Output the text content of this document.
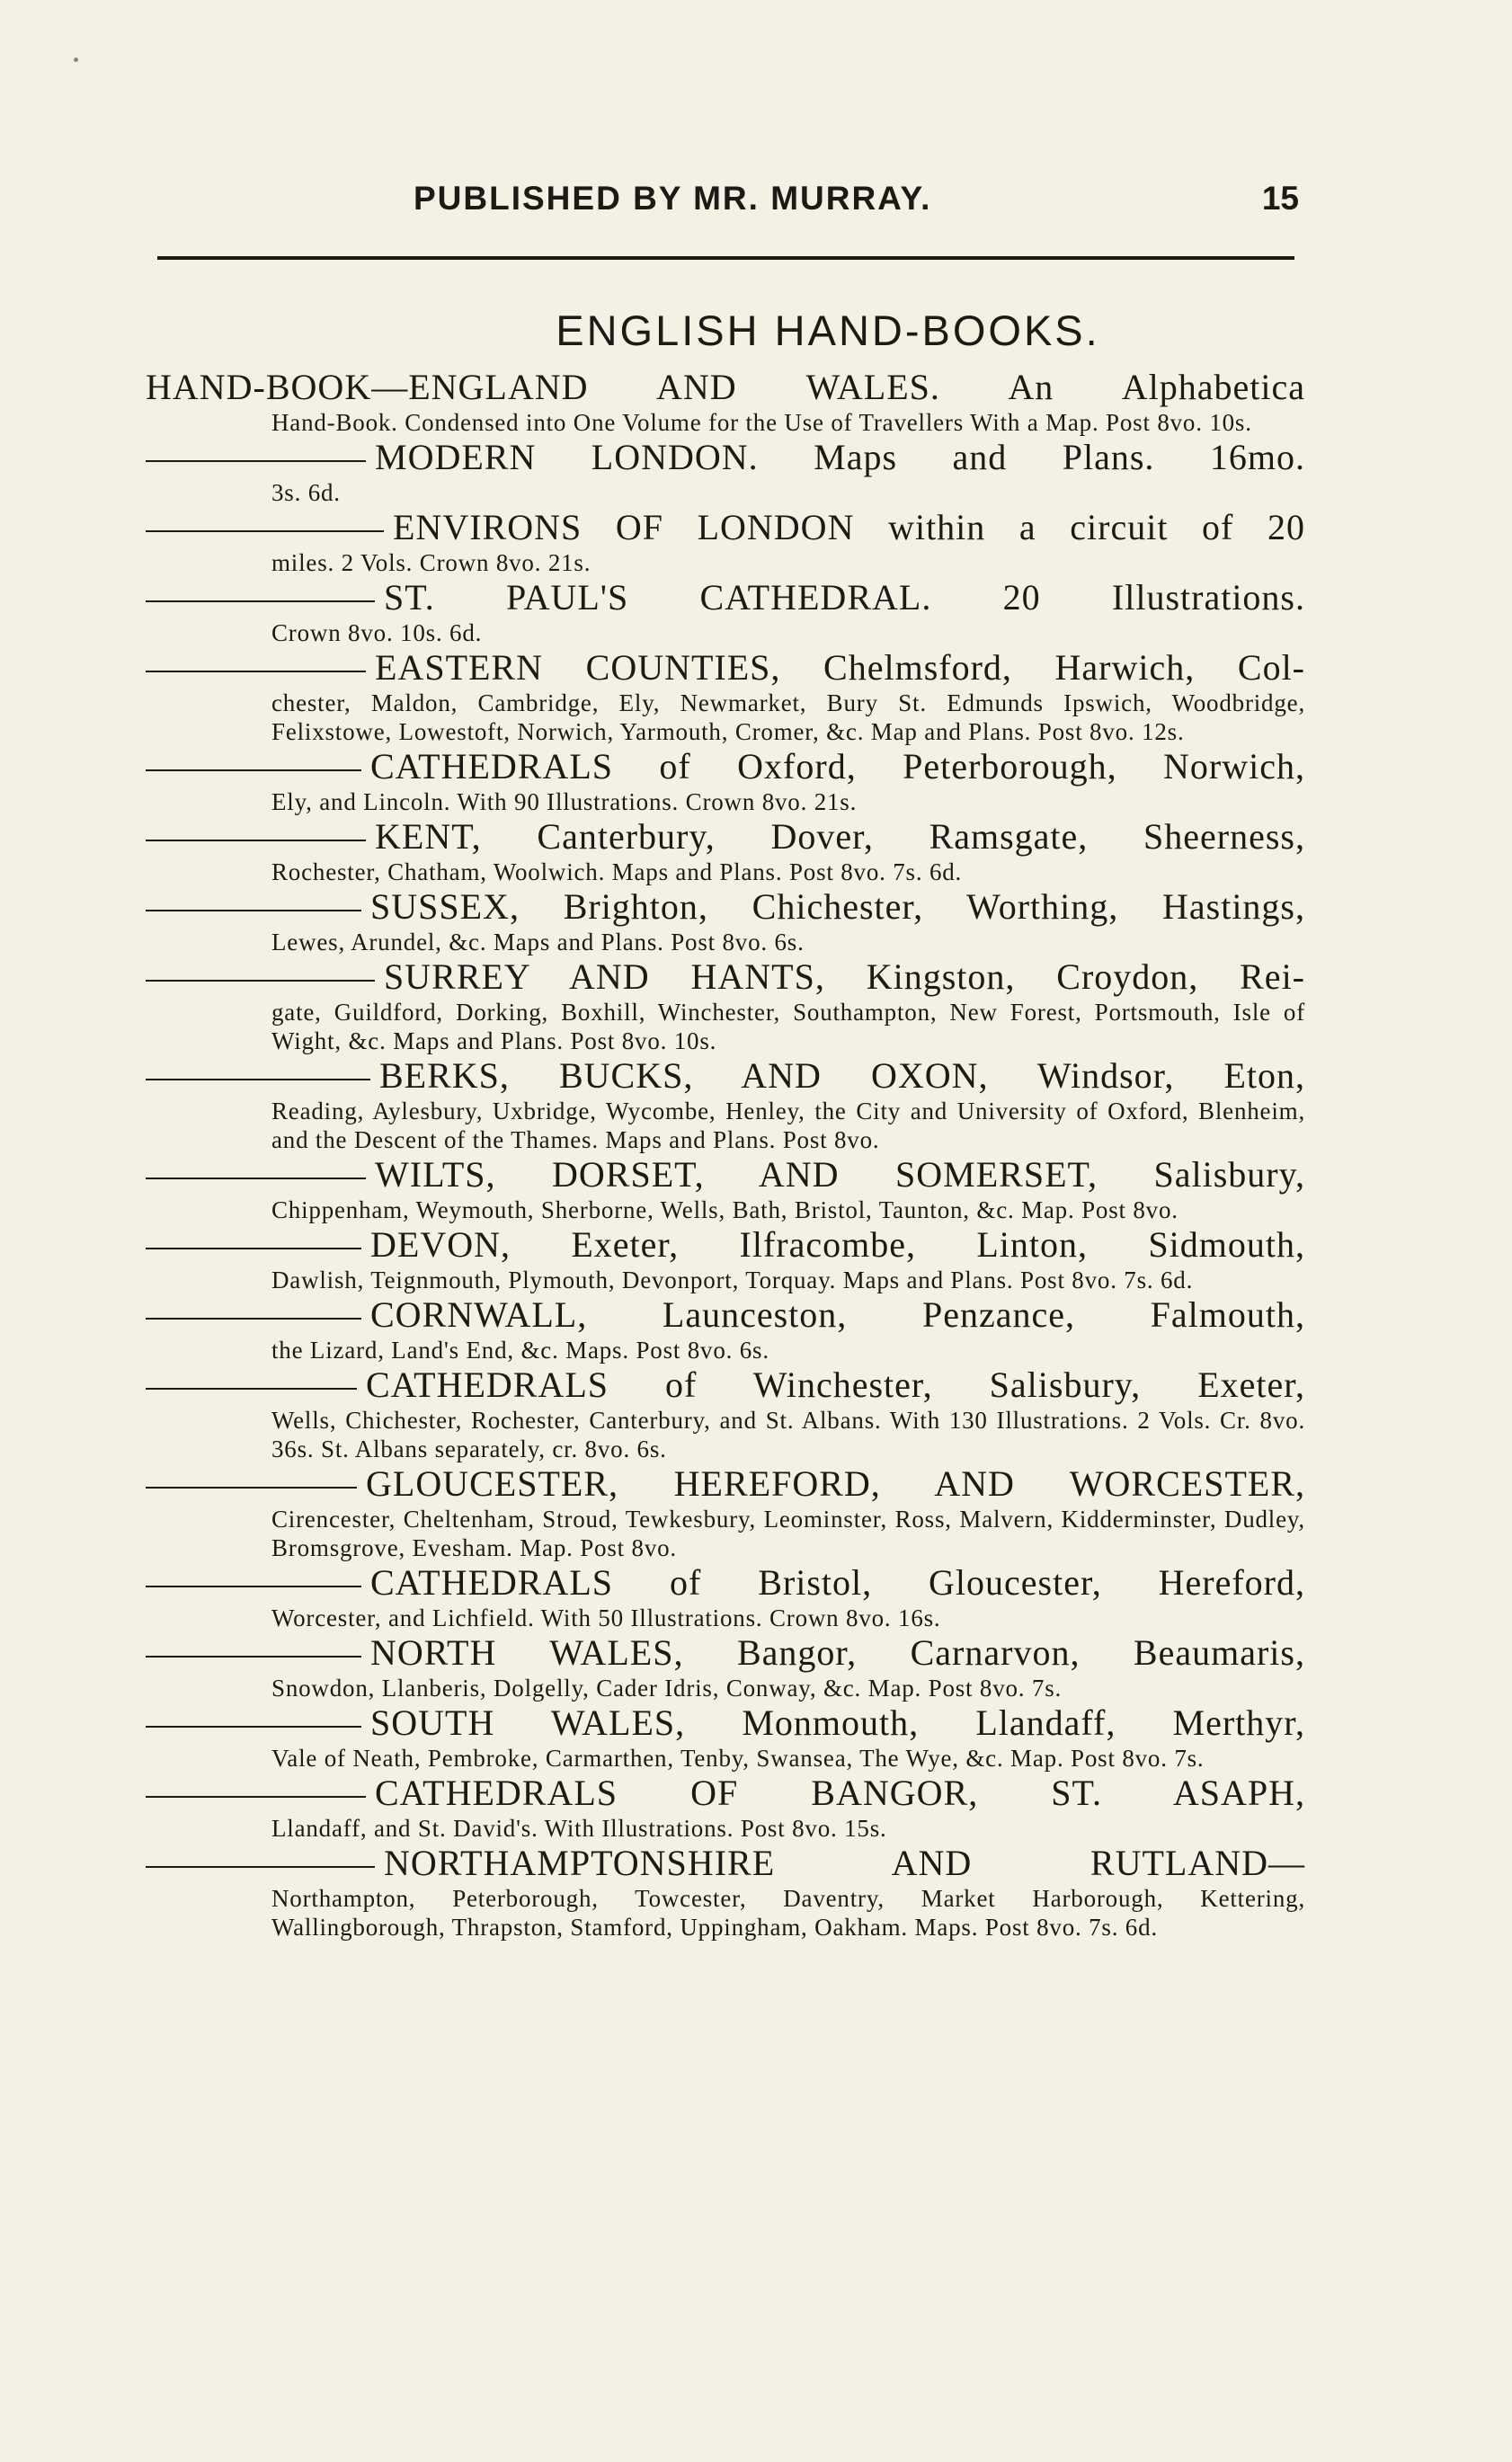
PUBLISHED BY MR. MURRAY.	15
ENGLISH HAND-BOOKS.
HAND-BOOK—ENGLAND AND WALES. An Alphabetica
Hand-Book. Condensed into One Volume for the Use of Travellers With a Map. Post 8vo. 10s.
MODERN LONDON. Maps and Plans. 16mo.
3s. 6d.
ENVIRONS OF LONDON within a circuit of 20
miles. 2 Vols. Crown 8vo. 21s.
ST. PAUL'S CATHEDRAL. 20 Illustrations.
Crown 8vo. 10s. 6d.
EASTERN COUNTIES, Chelmsford, Harwich, Col-
chester, Maldon, Cambridge, Ely, Newmarket, Bury St. Edmunds Ipswich, Woodbridge, Felixstowe, Lowestoft, Norwich, Yarmouth, Cromer, &c. Map and Plans. Post 8vo. 12s.
CATHEDRALS of Oxford, Peterborough, Norwich,
Ely, and Lincoln. With 90 Illustrations. Crown 8vo. 21s.
KENT, Canterbury, Dover, Ramsgate, Sheerness,
Rochester, Chatham, Woolwich. Maps and Plans. Post 8vo. 7s. 6d.
SUSSEX, Brighton, Chichester, Worthing, Hastings,
Lewes, Arundel, &c. Maps and Plans. Post 8vo. 6s.
SURREY AND HANTS, Kingston, Croydon, Rei-
gate, Guildford, Dorking, Boxhill, Winchester, Southampton, New Forest, Portsmouth, Isle of Wight, &c. Maps and Plans. Post 8vo. 10s.
BERKS, BUCKS, AND OXON, Windsor, Eton,
Reading, Aylesbury, Uxbridge, Wycombe, Henley, the City and University of Oxford, Blenheim, and the Descent of the Thames. Maps and Plans. Post 8vo.
WILTS, DORSET, AND SOMERSET, Salisbury,
Chippenham, Weymouth, Sherborne, Wells, Bath, Bristol, Taunton, &c. Map. Post 8vo.
DEVON, Exeter, Ilfracombe, Linton, Sidmouth,
Dawlish, Teignmouth, Plymouth, Devonport, Torquay. Maps and Plans. Post 8vo. 7s. 6d.
CORNWALL, Launceston, Penzance, Falmouth,
the Lizard, Land's End, &c. Maps. Post 8vo. 6s.
CATHEDRALS of Winchester, Salisbury, Exeter,
Wells, Chichester, Rochester, Canterbury, and St. Albans. With 130 Illustrations. 2 Vols. Cr. 8vo. 36s. St. Albans separately, cr. 8vo. 6s.
GLOUCESTER, HEREFORD, AND WORCESTER,
Cirencester, Cheltenham, Stroud, Tewkesbury, Leominster, Ross, Malvern, Kidderminster, Dudley, Bromsgrove, Evesham. Map. Post 8vo.
CATHEDRALS of Bristol, Gloucester, Hereford,
Worcester, and Lichfield. With 50 Illustrations. Crown 8vo. 16s.
NORTH WALES, Bangor, Carnarvon, Beaumaris,
Snowdon, Llanberis, Dolgelly, Cader Idris, Conway, &c. Map. Post 8vo. 7s.
SOUTH WALES, Monmouth, Llandaff, Merthyr,
Vale of Neath, Pembroke, Carmarthen, Tenby, Swansea, The Wye, &c. Map. Post 8vo. 7s.
CATHEDRALS OF BANGOR, ST. ASAPH,
Llandaff, and St. David's. With Illustrations. Post 8vo. 15s.
NORTHAMPTONSHIRE AND RUTLAND—
Northampton, Peterborough, Towcester, Daventry, Market Harborough, Kettering, Wallingborough, Thrapston, Stamford, Uppingham, Oakham. Maps. Post 8vo. 7s. 6d.
